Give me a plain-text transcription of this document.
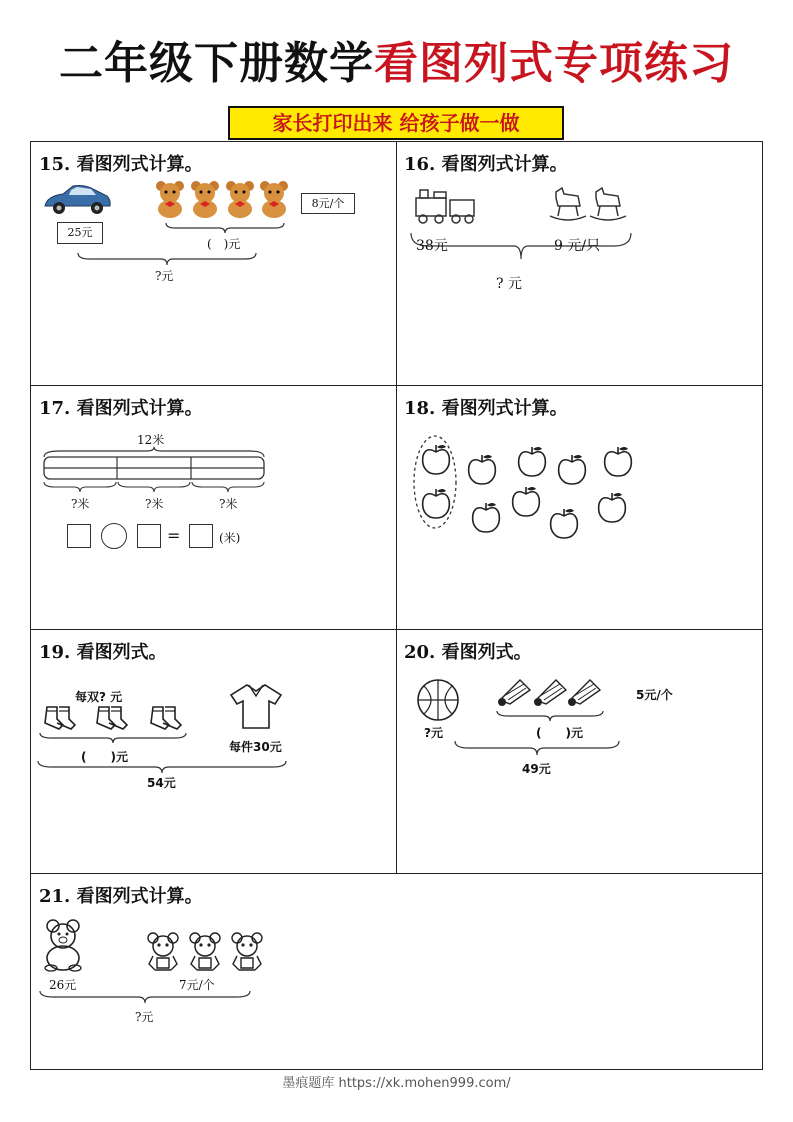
二年级下册数学看图列式专项练习
家长打印出来 给孩子做一做
15. 看图列式计算。
25元
8元/个
(　)元
?元
16. 看图列式计算。
38元	9 元/只
? 元
17. 看图列式计算。
12米
?米	?米	?米
=	(米)
18. 看图列式计算。
19. 看图列式。
每双? 元
(　　)元
每件30元
54元
20. 看图列式。
?元
5元/个
(　　)元
49元
21. 看图列式计算。
26元	7元/个
?元
墨痕题库 https://xk.mohen999.com/
